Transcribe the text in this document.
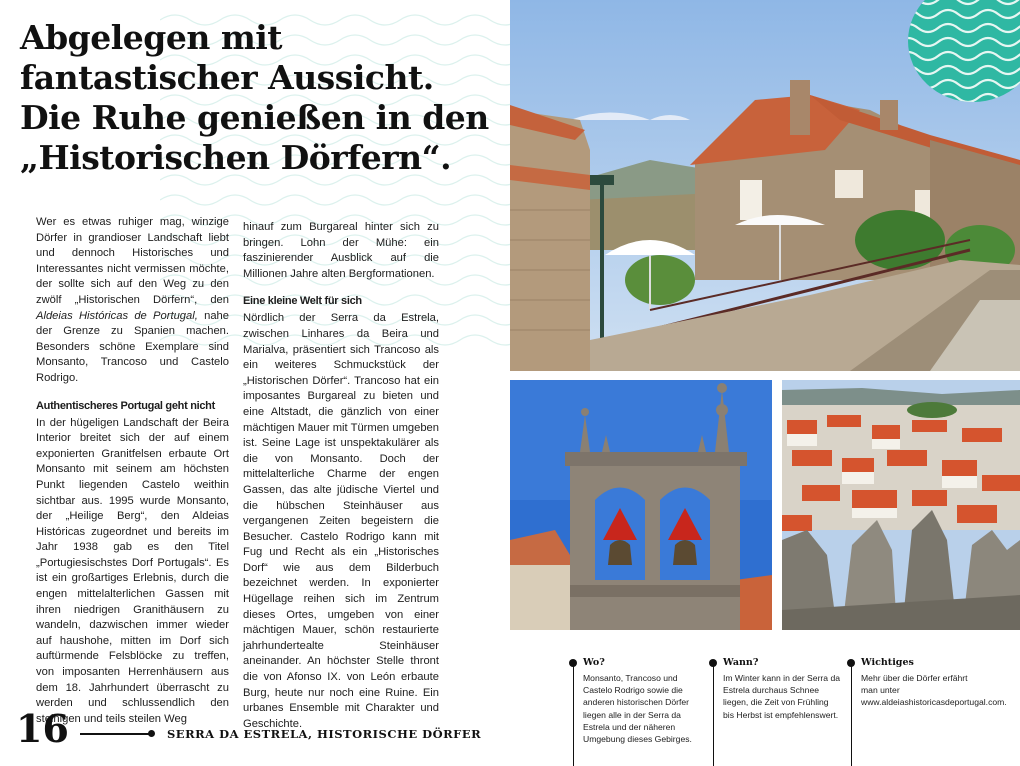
Abgelegen mit
fantastischer Aussicht.
Die Ruhe genießen in den
„Historischen Dörfern“.

Wer es etwas ruhiger mag, winzige Dörfer in grandioser Landschaft liebt und dennoch Historisches und Interessantes nicht vermissen möchte, der sollte sich auf den Weg zu den zwölf „Historischen Dörfern“, den Aldeias Históricas de Portugal, nahe der Grenze zu Spanien machen. Besonders schöne Exemplare sind Monsanto, Trancoso und Castelo Rodrigo.

Authentischeres Portugal geht nicht

In der hügeligen Landschaft der Beira Interior breitet sich der auf einem exponierten Granitfelsen erbaute Ort Monsanto mit seinem am höchsten Punkt liegenden Castelo weithin sichtbar aus. 1995 wurde Monsanto, der „Heilige Berg“, den Aldeias Históricas zugeordnet und bereits im Jahr 1938 gab es den Titel „Portugiesischstes Dorf Portugals“. Es ist ein großartiges Erlebnis, durch die engen mittelalterlichen Gassen mit ihren niedrigen Granithäusern zu wandeln, dazwischen immer wieder auf haushohe, mitten im Dorf sich auftürmende Felsblöcke zu treffen, von imposanten Herrenhäusern aus dem 18. Jahrhundert überrascht zu werden und schlussendlich den steinigen und teils steilen Weg

hinauf zum Burgareal hinter sich zu bringen. Lohn der Mühe: ein faszinierender Ausblick auf die Millionen Jahre alten Bergformationen.

Eine kleine Welt für sich

Nördlich der Serra da Estrela, zwischen Linhares da Beira und Marialva, präsentiert sich Trancoso als ein weiteres Schmuckstück der „Historischen Dörfer“. Trancoso hat ein imposantes Burgareal zu bieten und eine Altstadt, die gänzlich von einer mächtigen Mauer mit Türmen umgeben ist. Seine Lage ist unspektakulärer als die von Monsanto. Doch der mittelalterliche Charme der engen Gassen, das alte jüdische Viertel und die hübschen Steinhäuser aus vergangenen Zeiten begeistern die Besucher. Castelo Rodrigo kann mit Fug und Recht als ein „Historisches Dorf“ wie aus dem Bilderbuch bezeichnet werden. In exponierter Hügellage reihen sich im Zentrum dieses Ortes, umgeben von einer mächtigen Mauer, schön restaurierte jahrhundertealte Steinhäuser aneinander. An höchster Stelle thront die von Afonso IX. von León erbaute Burg, heute nur noch eine Ruine. Ein urbanes Ensemble mit Charakter und Geschichte.

16	SERRA DA ESTRELA, HISTORISCHE DÖRFER
Wo?

Monsanto, Trancoso und Castelo Rodrigo sowie die anderen historischen Dörfer liegen alle in der Serra da Estrela und der näheren Umgebung dieses Gebirges.

Wann?

Im Winter kann in der Serra da Estrela durchaus Schnee liegen, die Zeit von Frühling bis Herbst ist empfehlenswert.

Wichtiges

Mehr über die Dörfer erfährt man unter www.aldeiashistoricasdeportugal.com.
